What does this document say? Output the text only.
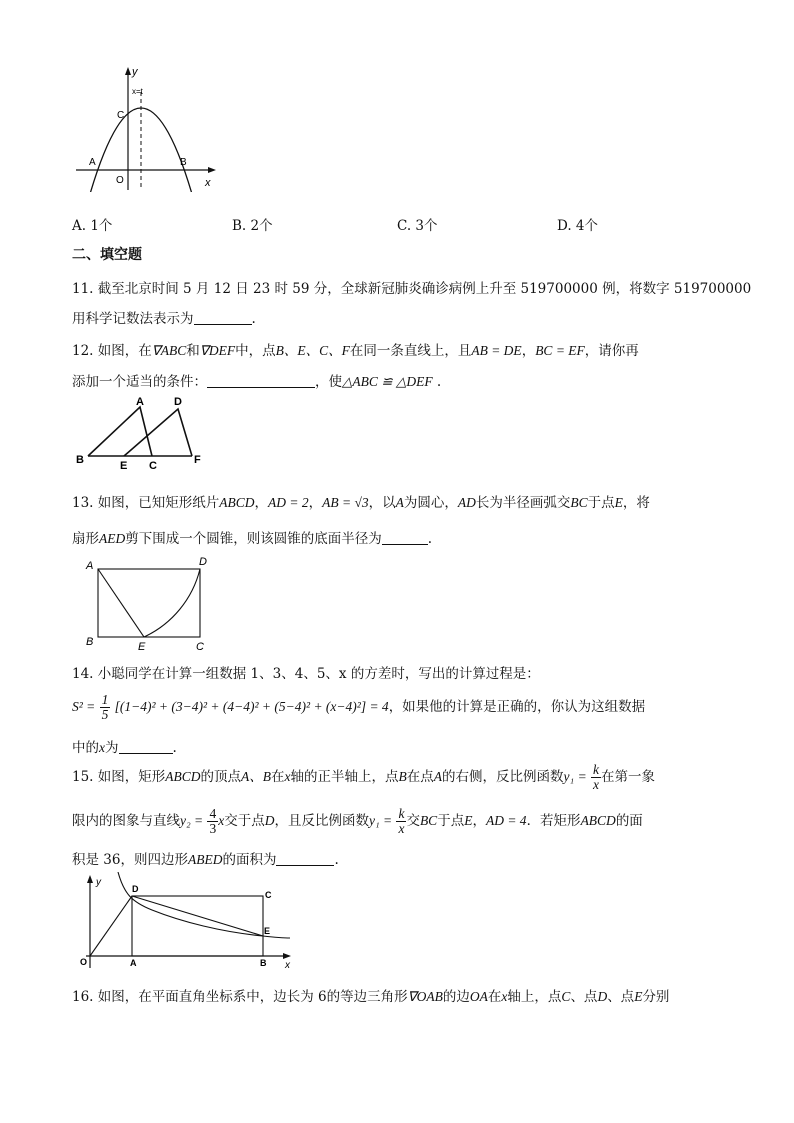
y
x=t
C
A
O
B
x
A. 1个	B. 2个	C. 3个	D. 4个
二、填空题
11. 截至北京时间 5 月 12 日 23 时 59 分，全球新冠肺炎确诊病例上升至 519700000 例，将数字 519700000
用科学记数法表示为	.
12. 如图，在∇ABC和∇DEF中，点B、E、C、F在同一条直线上，且AB = DE，BC = EF，请你再
添加一个适当的条件：	，使△ABC ≌ △DEF .
A	D
B	E C	F
13. 如图，已知矩形纸片ABCD，AD = 2，AB = √3，以A为圆心，AD长为半径画弧交BC于点E，将
扇形AED剪下围成一个圆锥，则该圆锥的底面半径为	.
A	D
B	E	C
14. 小聪同学在计算一组数据 1、3、4、5、x 的方差时，写出的计算过程是：
$S^2 = \frac{1}{5} [(1-4)^2 + (3-4)^2 + (4-4)^2 + (5-4)^2 + (x-4)^2] = 4$，如果他的计算是正确的，你认为这组数据
中的x为	.
15. 如图，矩形ABCD的顶点A、B在x轴的正半轴上，点B在点A的右侧，反比例函数$y_1 = \frac{k}{x}$ 在第一象
限内的图象与直线$y_2 = \frac{4}{3}$ x交于点D，且反比例函数$y_1 = \frac{k}{x}$ 交BC于点E，AD = 4．若矩形ABCD的面
积是 36，则四边形ABED的面积为	.
y
D
C
E
O	A	B x
16. 如图，在平面直角坐标系中，边长为 6的等边三角形∇OAB的边OA在x轴上，点C、点D、点E分别
